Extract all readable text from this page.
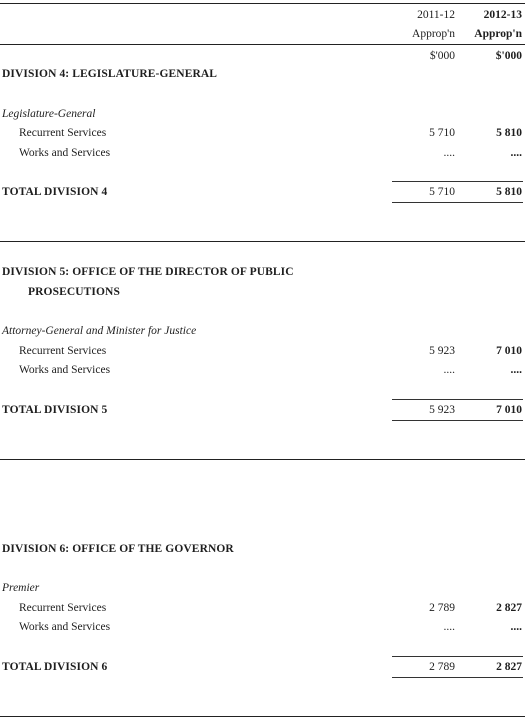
2011-12 2012-13
Approp'n Approp'n
$'000	$'000
DIVISION 4: LEGISLATURE-GENERAL
Legislature-General
Recurrent Services	5 710	5 810
Works and Services	....	....
TOTAL DIVISION 4	5 710	5 810
DIVISION 5: OFFICE OF THE DIRECTOR OF PUBLIC
PROSECUTIONS
Attorney-General and Minister for Justice
Recurrent Services	5 923	7 010
Works and Services	....	....
TOTAL DIVISION 5	5 923	7 010
DIVISION 6: OFFICE OF THE GOVERNOR
Premier
Recurrent Services	2 789	2 827
Works and Services	....	....
TOTAL DIVISION 6	2 789	2 827
